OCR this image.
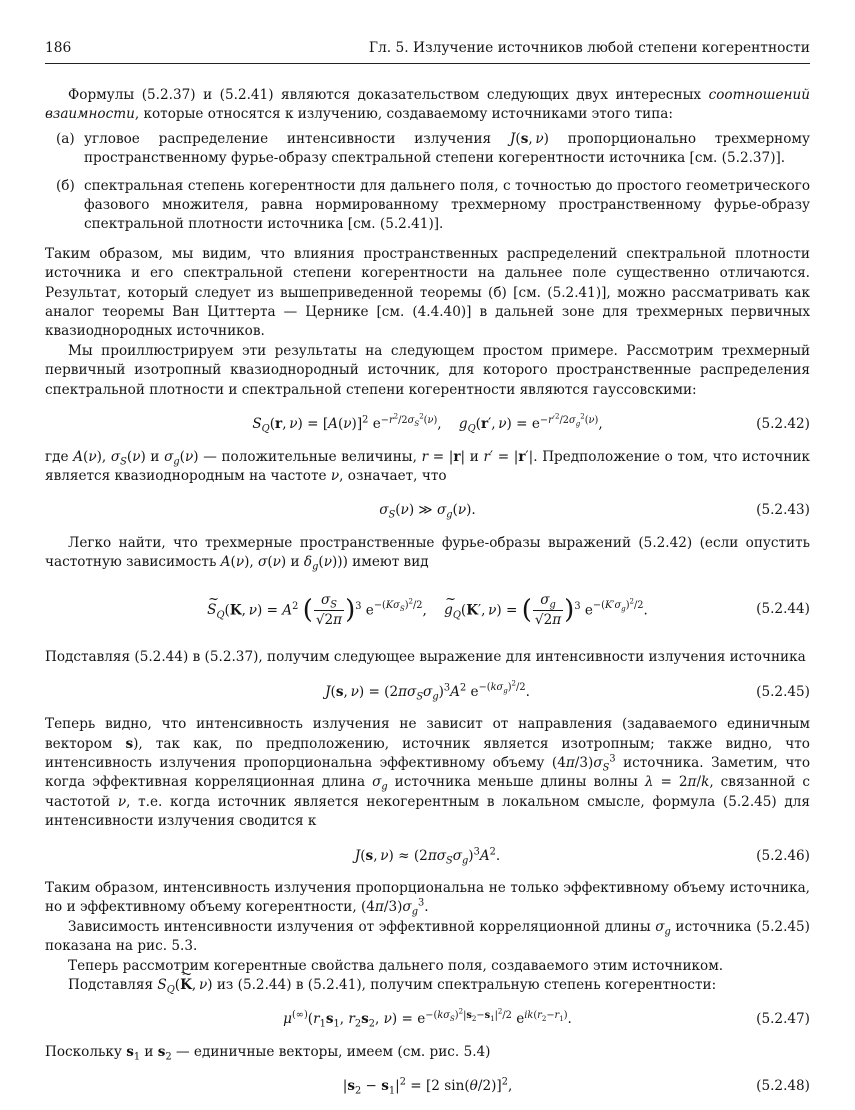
186	Гл. 5. Излучение источников любой степени когерентности

Формулы (5.2.37) и (5.2.41) являются доказательством следующих двух интересных соотношений взаимности, которые относятся к излучению, создаваемому источниками этого типа:

(а) угловое распределение интенсивности излучения J(s, ν) пропорционально трехмерному пространственному фурье-образу спектральной степени когерентности источника [см. (5.2.37)].
(б) спектральная степень когерентности для дальнего поля, с точностью до простого геометрического фазового множителя, равна нормированному трехмерному пространственному фурье-образу спектральной плотности источника [см. (5.2.41)].

Таким образом, мы видим, что влияния пространственных распределений спектральной плотности источника и его спектральной степени когерентности на дальнее поле существенно отличаются. Результат, который следует из вышеприведенной теоремы (б) [см. (5.2.41)], можно рассматривать как аналог теоремы Ван Циттерта — Цернике [см. (4.4.40)] в дальней зоне для трехмерных первичных квазиоднородных источников.

Мы проиллюстрируем эти результаты на следующем простом примере. Рассмотрим трехмерный первичный изотропный квазиоднородный источник, для которого пространственные распределения спектральной плотности и спектральной степени когерентности являются гауссовскими:

$S_Q(r$, $\nu) = [A(\nu)]^2$ $e^{-r^2/2\sigma_S^2(\nu)}$,    $g_Q(r'$, $\nu) = e^{-r'^2/2\sigma_g^2(\nu)}$,	(5.2.42)

где A(ν), $\sigma_S(\nu)$ и $\sigma_g(\nu)$ — положительные величины, r = |r| и r′ = |r′|. Предположение о том, что источник является квазиоднородным на частоте ν, означает, что

$\sigma_S(\nu)$ ≫ $\sigma_g(\nu)$.	(5.2.43)

Легко найти, что трехмерные пространственные фурье-образы выражений (5.2.42) (если опустить частотную зависимость A(ν), σ(ν) и $\delta_g(\nu)$)) имеют вид

~ $S_Q(K$, $\nu) = A^2$ ( $\frac{\sigma_S}{√2\pi} )^3$ $e^{-(K\sigma_S)^2/2}$,    ~ $g_Q(K'$, ν) = ( $\frac{\sigma_g}{√2\pi} )^3$ $e^{-(K'\sigma_g)^2/2}$.	(5.2.44)

Подставляя (5.2.44) в (5.2.37), получим следующее выражение для интенсивности излучения источника

J(s, $\nu) = (2\pi\sigma_S\sigma_g)^3A^2$ $e^{-(k\sigma_g)^2/2}$.	(5.2.45)

Теперь видно, что интенсивность излучения не зависит от направления (задаваемого единичным вектором s), так как, по предположению, источник является изотропным; также видно, что интенсивность излучения пропорциональна эффективному объему $(4\pi/3)\sigma_S^3$ источника. Заметим, что когда эффективная корреляционная длина $\sigma_g$ источника меньше длины волны λ = 2π/k, связанной с частотой ν, т.е. когда источник является некогерентным в локальном смысле, формула (5.2.45) для интенсивности излучения сводится к

J(s, $\nu) \approx (2\pi\sigma_S\sigma_g)^3A^2$.	(5.2.46)

Таким образом, интенсивность излучения пропорциональна не только эффективному объему источника, но и эффективному объему когерентности, $(4\pi/3)\sigma_g^3$.

Зависимость интенсивности излучения от эффективной корреляционной длины $\sigma_g$ источника (5.2.45) показана на рис. 5.3.

Теперь рассмотрим когерентные свойства дальнего поля, создаваемого этим источником.

Подставляя ~ $S_Q(K$, ν) из (5.2.44) в (5.2.41), получим спектральную степень когерентности:

$\mu^{(\infty)}(r_1s_1$, $r_2s_2$, $\nu) = e^{-(k\sigma_S)^2|s_2-s_1|^2/2}$ $e^{ik(r_2-r_1)}$.	(5.2.47)

Поскольку $s_1$ и $s_2$ — единичные векторы, имеем (см. рис. 5.4)

$|s_2 - s_1|^2 = [2$ sin(θ/2)]$^2$,	(5.2.48)
